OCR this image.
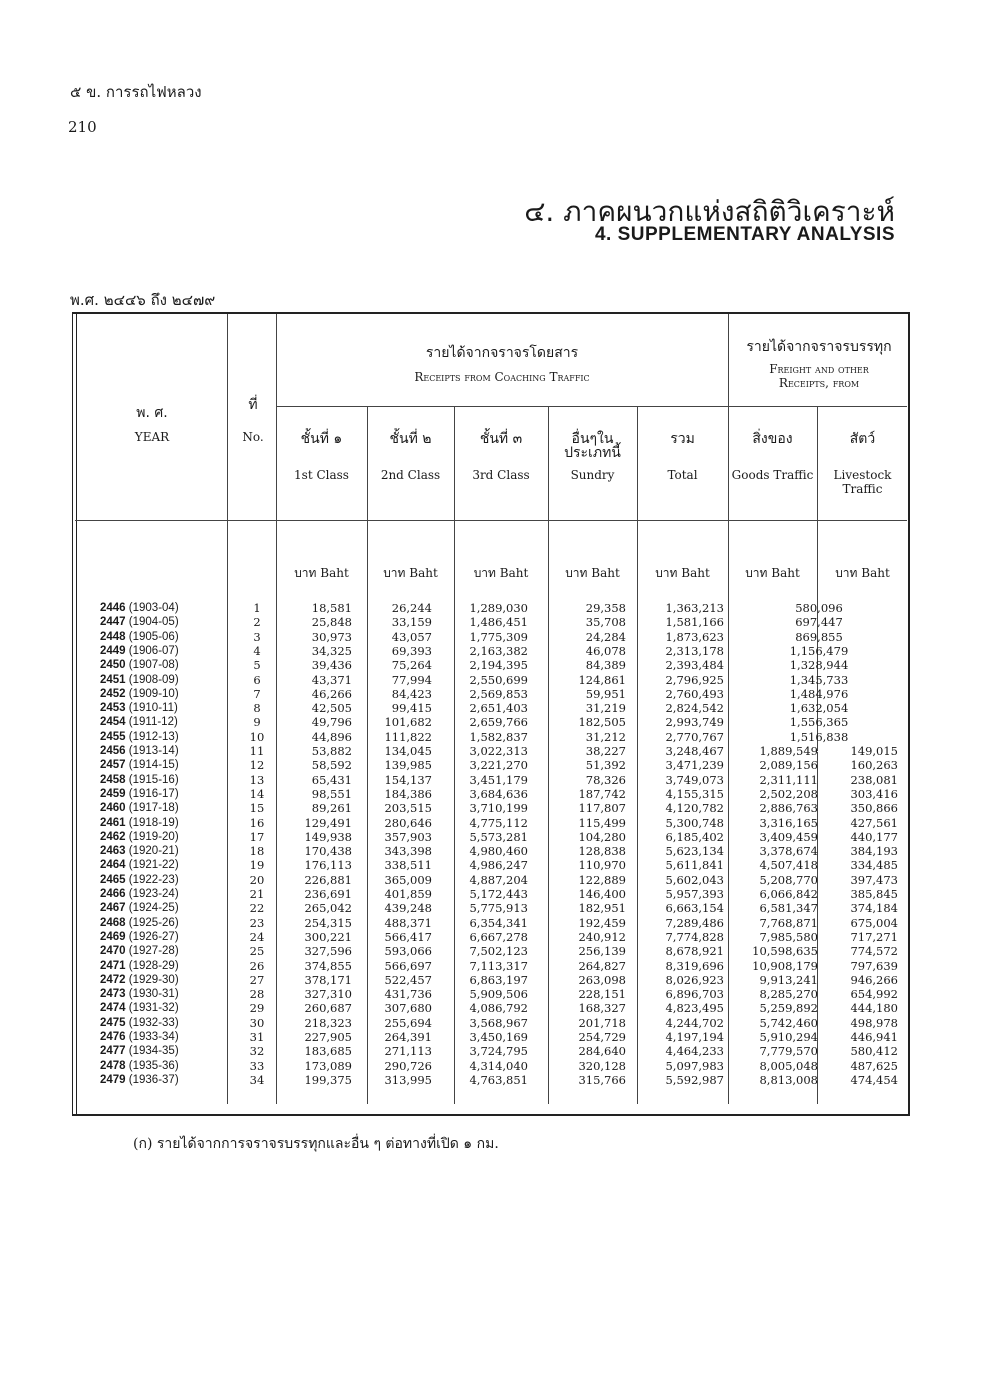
๕ ข. การรถไฟหลวง
210
๔. ภาคผนวกแห่งสถิติวิเคราะห์
4. SUPPLEMENTARY ANALYSIS
พ.ศ. ๒๔๔๖ ถึง ๒๔๗๙
พ. ศ.
YEAR
ที่
No.
รายได้จากจราจรโดยสาร
Receipts from Coaching Traffic
รายได้จากจราจรบรรทุก
Freight and other
Receipts, from
ชั้นที่ ๑
1st Class
บาท Baht
ชั้นที่ ๒
2nd Class
บาท Baht
ชั้นที่ ๓
3rd Class
บาท Baht
อื่นๆใน ประเภทนี้
Sundry
บาท Baht
รวม
Total
บาท Baht
สิ่งของ
Goods Traffic
บาท Baht
สัตว์
Livestock Traffic
บาท Baht
2446 (1903-04)	1	18,581	26,244	1,289,030	29,358	1,363,213	580,096
2447 (1904-05)	2	25,848	33,159	1,486,451	35,708	1,581,166	697,447
2448 (1905-06)	3	30,973	43,057	1,775,309	24,284	1,873,623	869,855
2449 (1906-07)	4	34,325	69,393	2,163,382	46,078	2,313,178	1,156,479
2450 (1907-08)	5	39,436	75,264	2,194,395	84,389	2,393,484	1,328,944
2451 (1908-09)	6	43,371	77,994	2,550,699	124,861	2,796,925	1,345,733
2452 (1909-10)	7	46,266	84,423	2,569,853	59,951	2,760,493	1,484,976
2453 (1910-11)	8	42,505	99,415	2,651,403	31,219	2,824,542	1,632,054
2454 (1911-12)	9	49,796	101,682	2,659,766	182,505	2,993,749	1,556,365
2455 (1912-13)	10	44,896	111,822	1,582,837	31,212	2,770,767	1,516,838
2456 (1913-14)	11	53,882	134,045	3,022,313	38,227	3,248,467	1,889,549	149,015
2457 (1914-15)	12	58,592	139,985	3,221,270	51,392	3,471,239	2,089,156	160,263
2458 (1915-16)	13	65,431	154,137	3,451,179	78,326	3,749,073	2,311,111	238,081
2459 (1916-17)	14	98,551	184,386	3,684,636	187,742	4,155,315	2,502,208	303,416
2460 (1917-18)	15	89,261	203,515	3,710,199	117,807	4,120,782	2,886,763	350,866
2461 (1918-19)	16	129,491	280,646	4,775,112	115,499	5,300,748	3,316,165	427,561
2462 (1919-20)	17	149,938	357,903	5,573,281	104,280	6,185,402	3,409,459	440,177
2463 (1920-21)	18	170,438	343,398	4,980,460	128,838	5,623,134	3,378,674	384,193
2464 (1921-22)	19	176,113	338,511	4,986,247	110,970	5,611,841	4,507,418	334,485
2465 (1922-23)	20	226,881	365,009	4,887,204	122,889	5,602,043	5,208,770	397,473
2466 (1923-24)	21	236,691	401,859	5,172,443	146,400	5,957,393	6,066,842	385,845
2467 (1924-25)	22	265,042	439,248	5,775,913	182,951	6,663,154	6,581,347	374,184
2468 (1925-26)	23	254,315	488,371	6,354,341	192,459	7,289,486	7,768,871	675,004
2469 (1926-27)	24	300,221	566,417	6,667,278	240,912	7,774,828	7,985,580	717,271
2470 (1927-28)	25	327,596	593,066	7,502,123	256,139	8,678,921	10,598,635	774,572
2471 (1928-29)	26	374,855	566,697	7,113,317	264,827	8,319,696	10,908,179	797,639
2472 (1929-30)	27	378,171	522,457	6,863,197	263,098	8,026,923	9,913,241	946,266
2473 (1930-31)	28	327,310	431,736	5,909,506	228,151	6,896,703	8,285,270	654,992
2474 (1931-32)	29	260,687	307,680	4,086,792	168,327	4,823,495	5,259,892	444,180
2475 (1932-33)	30	218,323	255,694	3,568,967	201,718	4,244,702	5,742,460	498,978
2476 (1933-34)	31	227,905	264,391	3,450,169	254,729	4,197,194	5,910,294	446,941
2477 (1934-35)	32	183,685	271,113	3,724,795	284,640	4,464,233	7,779,570	580,412
2478 (1935-36)	33	173,089	290,726	4,314,040	320,128	5,097,983	8,005,048	487,625
2479 (1936-37)	34	199,375	313,995	4,763,851	315,766	5,592,987	8,813,008	474,454
(ก) รายได้จากการจราจรบรรทุกและอื่น ๆ ต่อทางที่เปิด ๑ กม.
